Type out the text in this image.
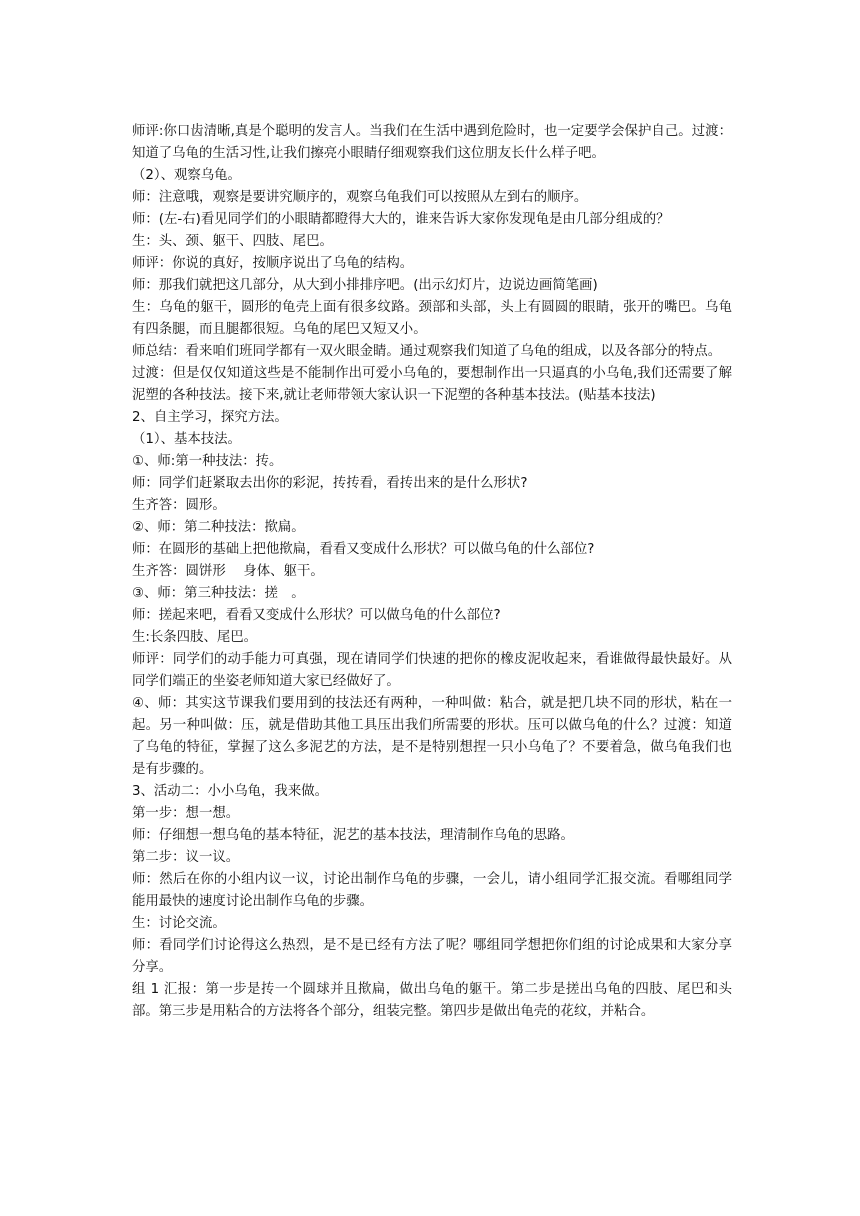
师评:你口齿清晰,真是个聪明的发言人。当我们在生活中遇到危险时，也一定要学会保护自己。过渡：知道了乌龟的生活习性,让我们擦亮小眼睛仔细观察我们这位朋友长什么样子吧。

（2）、观察乌龟。

师：注意哦，观察是要讲究顺序的，观察乌龟我们可以按照从左到右的顺序。

师：(左-右)看见同学们的小眼睛都瞪得大大的，谁来告诉大家你发现龟是由几部分组成的？

生：头、颈、躯干、四肢、尾巴。

师评：你说的真好，按顺序说出了乌龟的结构。

师：那我们就把这几部分，从大到小排排序吧。(出示幻灯片，边说边画简笔画)

生：乌龟的躯干，圆形的龟壳上面有很多纹路。颈部和头部，头上有圆圆的眼睛，张开的嘴巴。乌龟有四条腿，而且腿都很短。乌龟的尾巴又短又小。

师总结：看来咱们班同学都有一双火眼金睛。通过观察我们知道了乌龟的组成，以及各部分的特点。

过渡：但是仅仅知道这些是不能制作出可爱小乌龟的，要想制作出一只逼真的小乌龟,我们还需要了解泥塑的各种技法。接下来,就让老师带领大家认识一下泥塑的各种基本技法。(贴基本技法)

2、自主学习，探究方法。

（1）、基本技法。

①、师:第一种技法：抟。

师：同学们赶紧取去出你的彩泥，抟抟看，看抟出来的是什么形状?

生齐答：圆形。

②、师：第二种技法：揿扁。

师：在圆形的基础上把他揿扁，看看又变成什么形状？可以做乌龟的什么部位?

生齐答：圆饼形　 身体、躯干。

③、师：第三种技法：搓　。

师：搓起来吧，看看又变成什么形状？可以做乌龟的什么部位?

生:长条四肢、尾巴。

师评：同学们的动手能力可真强，现在请同学们快速的把你的橡皮泥收起来，看谁做得最快最好。从同学们端正的坐姿老师知道大家已经做好了。

④、师：其实这节课我们要用到的技法还有两种，一种叫做：粘合，就是把几块不同的形状，粘在一起。另一种叫做：压，就是借助其他工具压出我们所需要的形状。压可以做乌龟的什么？过渡：知道了乌龟的特征，掌握了这么多泥艺的方法，是不是特别想捏一只小乌龟了？不要着急，做乌龟我们也是有步骤的。

3、活动二：小小乌龟，我来做。

第一步：想一想。

师：仔细想一想乌龟的基本特征，泥艺的基本技法，理清制作乌龟的思路。

第二步：议一议。

师：然后在你的小组内议一议，讨论出制作乌龟的步骤，一会儿，请小组同学汇报交流。看哪组同学能用最快的速度讨论出制作乌龟的步骤。

生：讨论交流。

师：看同学们讨论得这么热烈，是不是已经有方法了呢？哪组同学想把你们组的讨论成果和大家分享分享。

组 1 汇报：第一步是抟一个圆球并且揿扁，做出乌龟的躯干。第二步是搓出乌龟的四肢、尾巴和头部。第三步是用粘合的方法将各个部分，组装完整。第四步是做出龟壳的花纹，并粘合。
